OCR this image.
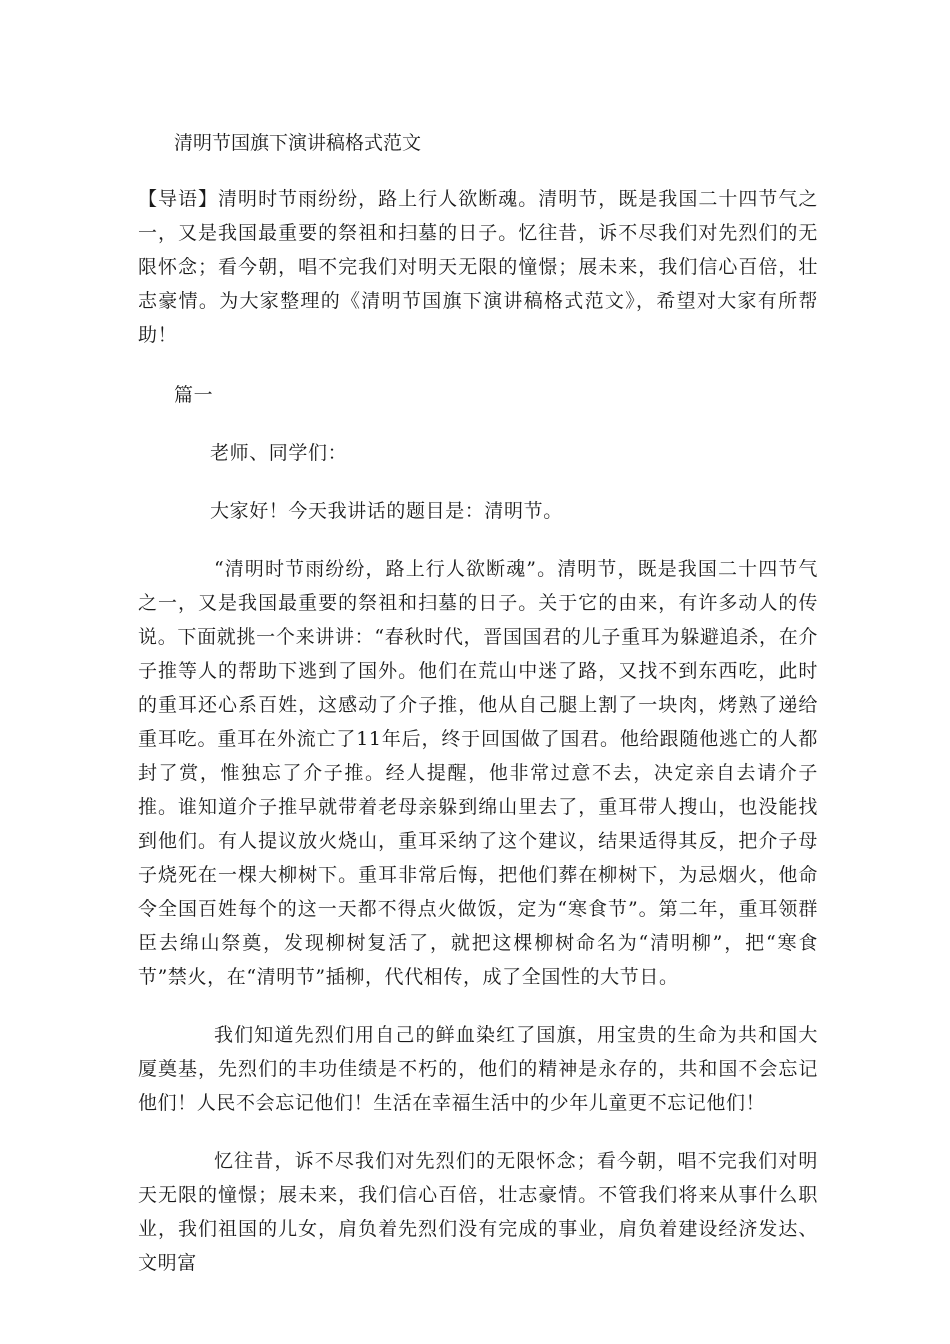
清明节国旗下演讲稿格式范文

【导语】清明时节雨纷纷，路上行人欲断魂。清明节，既是我国二十四节气之一，又是我国最重要的祭祖和扫墓的日子。忆往昔，诉不尽我们对先烈们的无限怀念；看今朝，唱不完我们对明天无限的憧憬；展未来，我们信心百倍，壮志豪情。为大家整理的《清明节国旗下演讲稿格式范文》，希望对大家有所帮助！

篇一

老师、同学们：

大家好！今天我讲话的题目是：清明节。

“清明时节雨纷纷，路上行人欲断魂”。清明节，既是我国二十四节气之一，又是我国最重要的祭祖和扫墓的日子。关于它的由来，有许多动人的传说。下面就挑一个来讲讲：“春秋时代，晋国国君的儿子重耳为躲避追杀，在介子推等人的帮助下逃到了国外。他们在荒山中迷了路，又找不到东西吃，此时的重耳还心系百姓，这感动了介子推，他从自己腿上割了一块肉，烤熟了递给重耳吃。重耳在外流亡了11年后，终于回国做了国君。他给跟随他逃亡的人都封了赏，惟独忘了介子推。经人提醒，他非常过意不去，决定亲自去请介子推。谁知道介子推早就带着老母亲躲到绵山里去了，重耳带人搜山，也没能找到他们。有人提议放火烧山，重耳采纳了这个建议，结果适得其反，把介子母子烧死在一棵大柳树下。重耳非常后悔，把他们葬在柳树下，为忌烟火，他命令全国百姓每个的这一天都不得点火做饭，定为“寒食节”。第二年，重耳领群臣去绵山祭奠，发现柳树复活了，就把这棵柳树命名为“清明柳”，把“寒食节”禁火，在“清明节”插柳，代代相传，成了全国性的大节日。

我们知道先烈们用自己的鲜血染红了国旗，用宝贵的生命为共和国大厦奠基，先烈们的丰功佳绩是不朽的，他们的精神是永存的，共和国不会忘记他们！人民不会忘记他们！生活在幸福生活中的少年儿童更不忘记他们！

忆往昔，诉不尽我们对先烈们的无限怀念；看今朝，唱不完我们对明天无限的憧憬；展未来，我们信心百倍，壮志豪情。不管我们将来从事什么职业，我们祖国的儿女，肩负着先烈们没有完成的事业，肩负着建设经济发达、文明富
